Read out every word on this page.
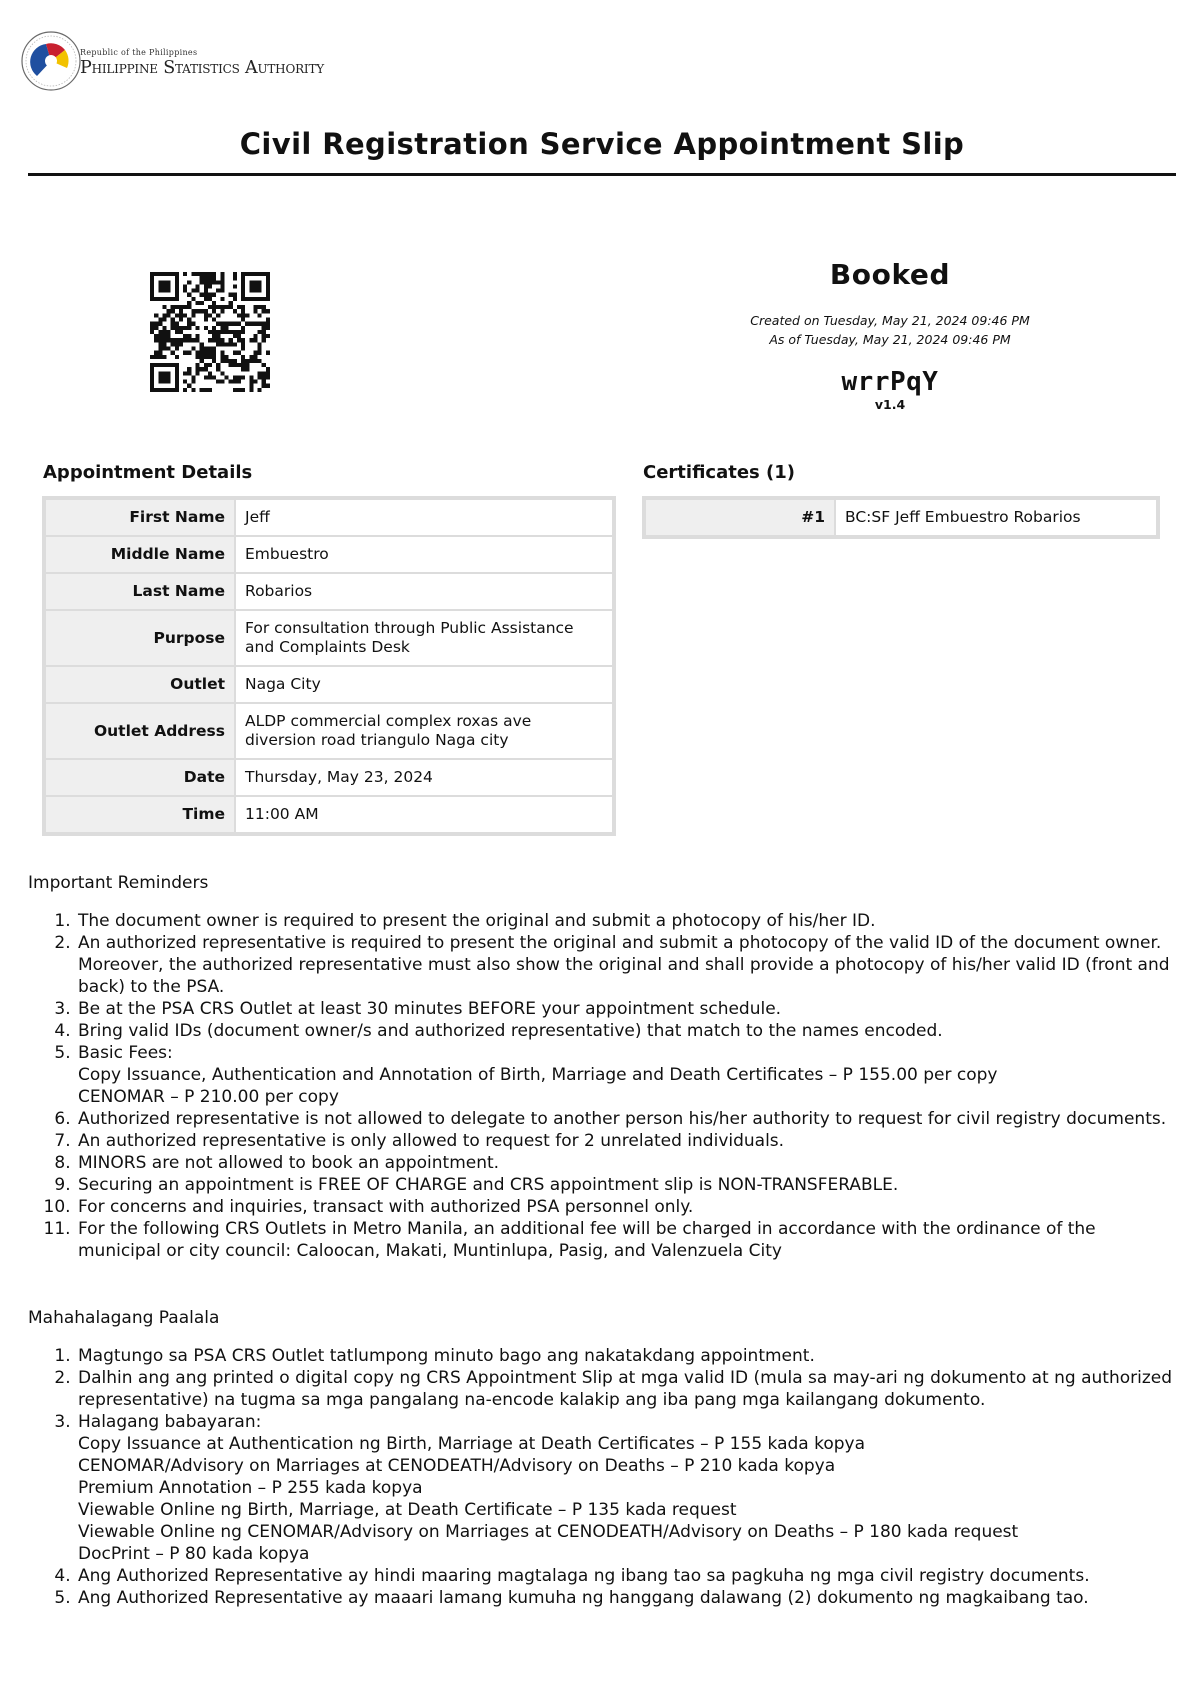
Republic of the Philippines
Philippine Statistics Authority
Civil Registration Service Appointment Slip
Booked
Created on Tuesday, May 21, 2024 09:46 PM
As of Tuesday, May 21, 2024 09:46 PM
wrrPqY
v1.4
Appointment Details
First Name	Jeff
Middle Name	Embuestro
Last Name	Robarios
Purpose	For consultation through Public Assistance and Complaints Desk
Outlet	Naga City
Outlet Address	ALDP commercial complex roxas ave diversion road triangulo Naga city
Date	Thursday, May 23, 2024
Time	11:00 AM
Certificates (1)
#1	BC:SF Jeff Embuestro Robarios
Important Reminders
1. The document owner is required to present the original and submit a photocopy of his/her ID.
2. An authorized representative is required to present the original and submit a photocopy of the valid ID of the document owner. Moreover, the authorized representative must also show the original and shall provide a photocopy of his/her valid ID (front and back) to the PSA.
3. Be at the PSA CRS Outlet at least 30 minutes BEFORE your appointment schedule.
4. Bring valid IDs (document owner/s and authorized representative) that match to the names encoded.
5. Basic Fees:
Copy Issuance, Authentication and Annotation of Birth, Marriage and Death Certificates – P 155.00 per copy
CENOMAR – P 210.00 per copy
6. Authorized representative is not allowed to delegate to another person his/her authority to request for civil registry documents.
7. An authorized representative is only allowed to request for 2 unrelated individuals.
8. MINORS are not allowed to book an appointment.
9. Securing an appointment is FREE OF CHARGE and CRS appointment slip is NON-TRANSFERABLE.
10. For concerns and inquiries, transact with authorized PSA personnel only.
11. For the following CRS Outlets in Metro Manila, an additional fee will be charged in accordance with the ordinance of the municipal or city council: Caloocan, Makati, Muntinlupa, Pasig, and Valenzuela City
Mahahalagang Paalala
1. Magtungo sa PSA CRS Outlet tatlumpong minuto bago ang nakatakdang appointment.
2. Dalhin ang ang printed o digital copy ng CRS Appointment Slip at mga valid ID (mula sa may-ari ng dokumento at ng authorized representative) na tugma sa mga pangalang na-encode kalakip ang iba pang mga kailangang dokumento.
3. Halagang babayaran:
Copy Issuance at Authentication ng Birth, Marriage at Death Certificates – P 155 kada kopya
CENOMAR/Advisory on Marriages at CENODEATH/Advisory on Deaths – P 210 kada kopya
Premium Annotation – P 255 kada kopya
Viewable Online ng Birth, Marriage, at Death Certificate – P 135 kada request
Viewable Online ng CENOMAR/Advisory on Marriages at CENODEATH/Advisory on Deaths – P 180 kada request
DocPrint – P 80 kada kopya
4. Ang Authorized Representative ay hindi maaring magtalaga ng ibang tao sa pagkuha ng mga civil registry documents.
5. Ang Authorized Representative ay maaari lamang kumuha ng hanggang dalawang (2) dokumento ng magkaibang tao.
